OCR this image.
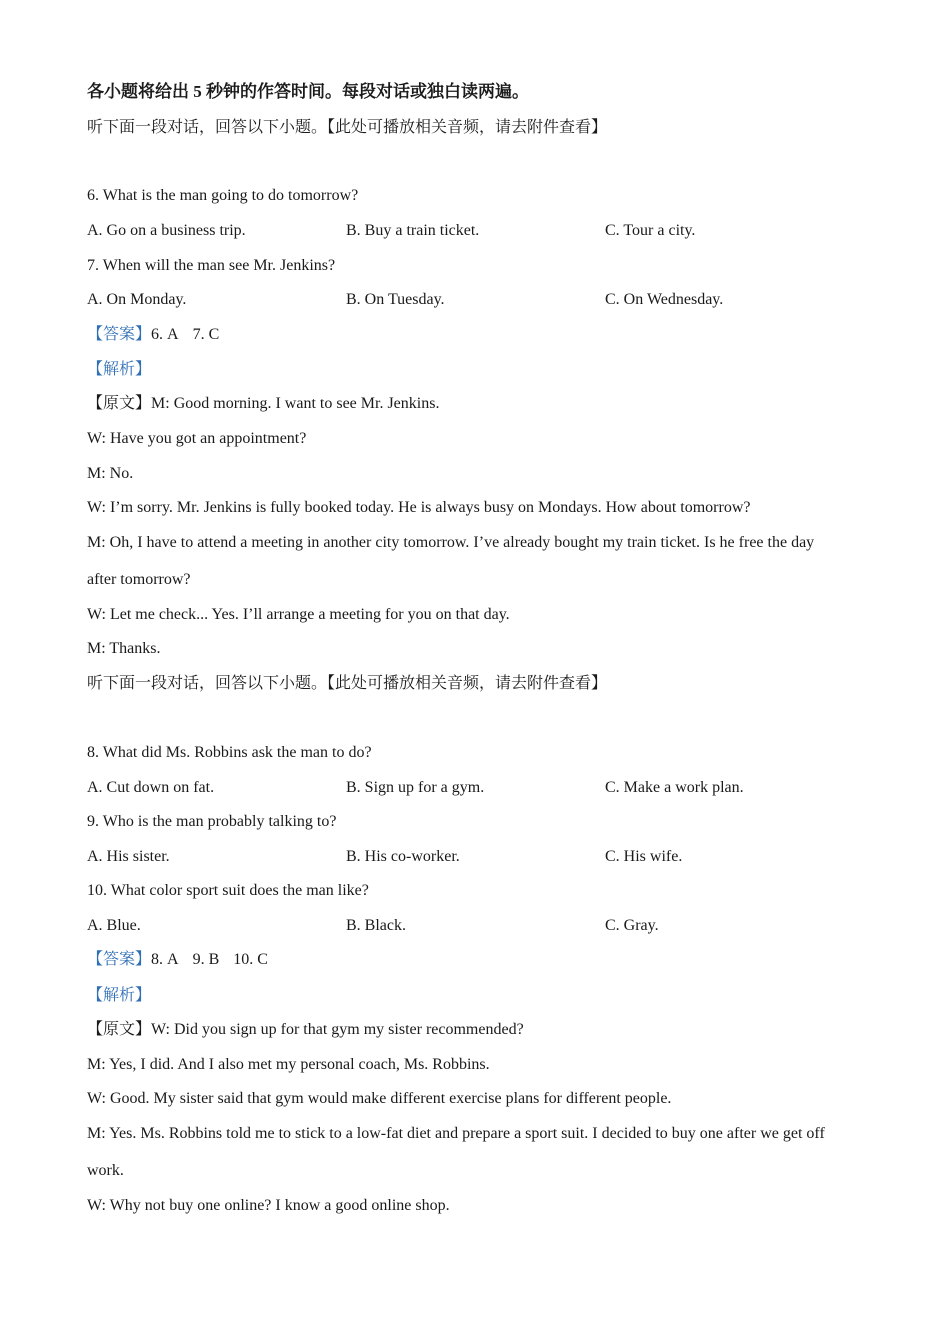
各小题将给出 5 秒钟的作答时间。每段对话或独白读两遍。
听下面一段对话，回答以下小题。【此处可播放相关音频，请去附件查看】
6. What is the man going to do tomorrow?
A. Go on a business trip.	B. Buy a train ticket.	C. Tour a city.
7. When will the man see Mr. Jenkins?
A. On Monday.	B. On Tuesday.	C. On Wednesday.
【答案】6. A 7. C
【解析】
【原文】M: Good morning. I want to see Mr. Jenkins.
W: Have you got an appointment?
M: No.
W: I’m sorry. Mr. Jenkins is fully booked today. He is always busy on Mondays. How about tomorrow?
M: Oh, I have to attend a meeting in another city tomorrow. I’ve already bought my train ticket. Is he free the day
after tomorrow?
W: Let me check... Yes. I’ll arrange a meeting for you on that day.
M: Thanks.
听下面一段对话，回答以下小题。【此处可播放相关音频，请去附件查看】
8. What did Ms. Robbins ask the man to do?
A. Cut down on fat.	B. Sign up for a gym.	C. Make a work plan.
9. Who is the man probably talking to?
A. His sister.	B. His co-worker.	C. His wife.
10. What color sport suit does the man like?
A. Blue.	B. Black.	C. Gray.
【答案】8. A 9. B 10. C
【解析】
【原文】W: Did you sign up for that gym my sister recommended?
M: Yes, I did. And I also met my personal coach, Ms. Robbins.
W: Good. My sister said that gym would make different exercise plans for different people.
M: Yes. Ms. Robbins told me to stick to a low-fat diet and prepare a sport suit. I decided to buy one after we get off
work.
W: Why not buy one online? I know a good online shop.
